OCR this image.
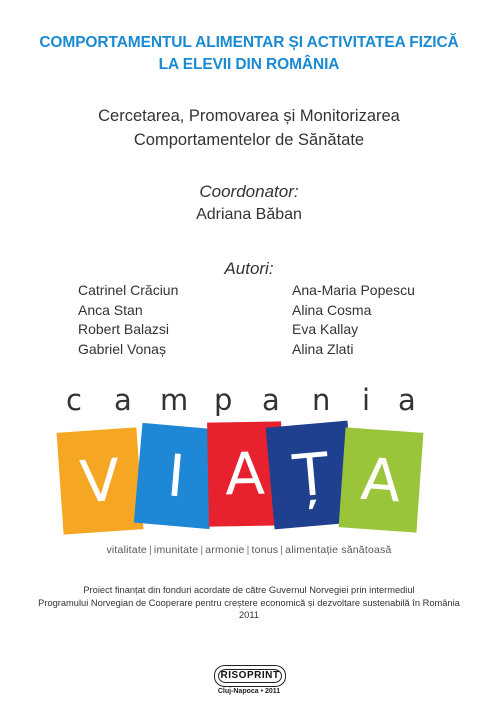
COMPORTAMENTUL ALIMENTAR ȘI ACTIVITATEA FIZICĂ
LA ELEVII DIN ROMÂNIA
Cercetarea, Promovarea și Monitorizarea
Comportamentelor de Sănătate
Coordonator:
Adriana Băban
Autori:
Catrinel Crăciun
Anca Stan
Robert Balazsi
Gabriel Vonaș
Ana-Maria Popescu
Alina Cosma
Eva Kallay
Alina Zlati
c a m p a n i a
V I A Ț A
vitalitate | imunitate | armonie | tonus | alimentație sănătoasă
Proiect finanțat din fonduri acordate de către Guvernul Norvegiei prin intermediul
Programului Norvegian de Cooperare pentru creștere economică și dezvoltare sustenabilă în România
2011
RISOPRINT
Cluj-Napoca • 2011
